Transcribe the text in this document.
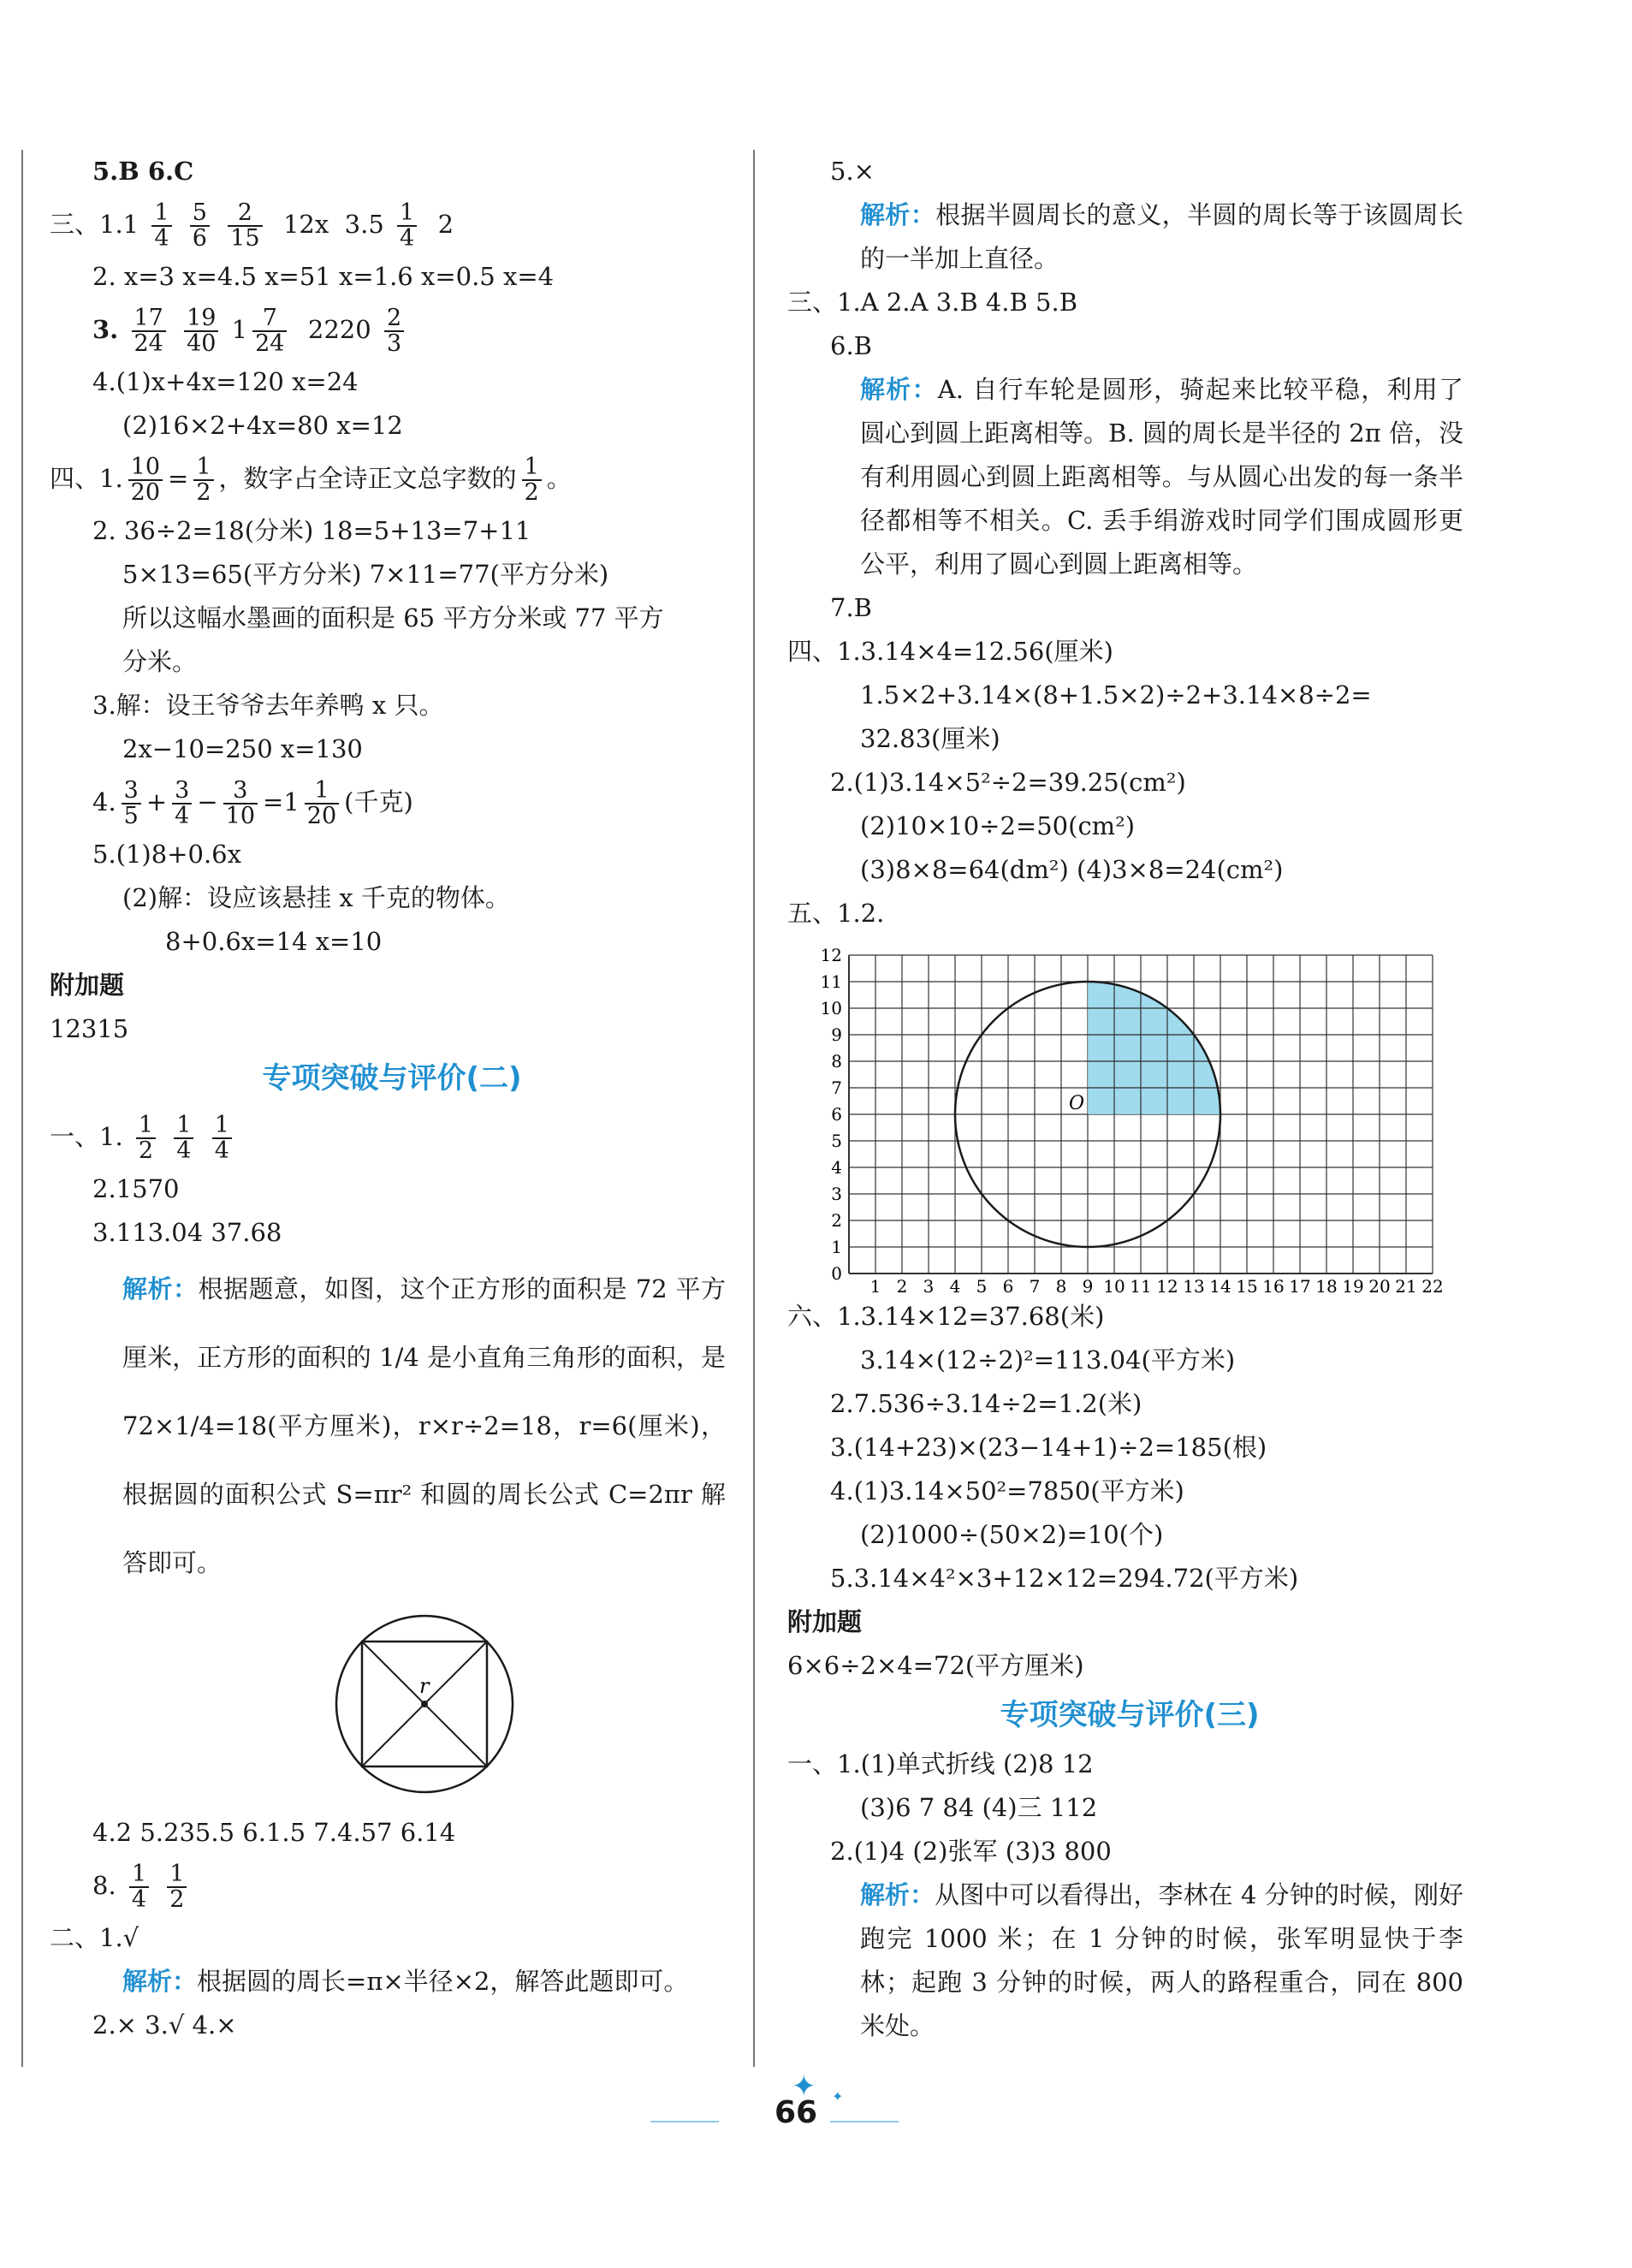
5.B 6.C
三、$1.1 \frac{1}{4}$
$\frac{5}{6}$
$\frac{2}{15} 12x$ $3.5 \frac{1}{4} 2$
2. x=3 x=4.5 x=51 x=1.6 x=0.5 x=4
3. $\frac{17}{24}$
$\frac{19}{40} 1 \frac{7}{24} 2220 \frac{2}{3}$
4.(1)x+4x=120 x=24
(2)16×2+4x=80 x=12
四、1. $\frac{10}{20} = \frac{1}{2}$ ，数字占全诗正文总字数的 $\frac{1}{2}$ 。
2. 36÷2=18(分米) 18=5+13=7+11
5×13=65(平方分米) 7×11=77(平方分米)
所以这幅水墨画的面积是 65 平方分米或 77 平方
分米。
3.解：设王爷爷去年养鸭 x 只。
2x−10=250 x=130
4. $\frac{3}{5} + \frac{3}{4} - \frac{3}{10} =1 \frac{1}{20}$ (千克)
5.(1)8+0.6x
(2)解：设应该悬挂 x 千克的物体。
8+0.6x=14 x=10
附加题
12315
专项突破与评价(二)
一、1. $\frac{1}{2}$
$\frac{1}{4}$
$\frac{1}{4}$
2.1570
3.113.04 37.68
解析：根据题意，如图，这个正方形的面积是 72 平方厘米，正方形的面积的 1/4 是小直角三角形的面积，是 72×1/4=18(平方厘米)，r×r÷2=18，r=6(厘米)，根据圆的面积公式 S=πr² 和圆的周长公式 C=2πr 解答即可。
r
4.2 5.235.5 6.1.5 7.4.57 6.14
8. $\frac{1}{4}$
$\frac{1}{2}$
二、1.√
解析：根据圆的周长=π×半径×2，解答此题即可。
2.× 3.√ 4.×
5.×
解析：根据半圆周长的意义，半圆的周长等于该圆周长的一半加上直径。
三、1.A 2.A 3.B 4.B 5.B
6.B
解析：A. 自行车轮是圆形，骑起来比较平稳，利用了圆心到圆上距离相等。B. 圆的周长是半径的 2π 倍，没有利用圆心到圆上距离相等。与从圆心出发的每一条半径都相等不相关。C. 丢手绢游戏时同学们围成圆形更公平，利用了圆心到圆上距离相等。
7.B
四、1.3.14×4=12.56(厘米)
1.5×2+3.14×(8+1.5×2)÷2+3.14×8÷2=
32.83(厘米)
2.(1)3.14×5²÷2=39.25(cm²)
(2)10×10÷2=50(cm²)
(3)8×8=64(dm²) (4)3×8=24(cm²)
五、1.2.
O
0
1
2
3
4
5
6
7
8
9
10
11
12
1 2 3 4 5 6 7 8 9 10 11 12 13 14 15 16 17 18 19 20 21 22
六、1.3.14×12=37.68(米)
3.14×(12÷2)²=113.04(平方米)
2.7.536÷3.14÷2=1.2(米)
3.(14+23)×(23−14+1)÷2=185(根)
4.(1)3.14×50²=7850(平方米)
(2)1000÷(50×2)=10(个)
5.3.14×4²×3+12×12=294.72(平方米)
附加题
6×6÷2×4=72(平方厘米)
专项突破与评价(三)
一、1.(1)单式折线 (2)8 12
(3)6 7 84 (4)三 112
2.(1)4 (2)张军 (3)3 800
解析：从图中可以看得出，李林在 4 分钟的时候，刚好跑完 1000 米；在 1 分钟的时候，张军明显快于李林；起跑 3 分钟的时候，两人的路程重合，同在 800 米处。
✦ ✦
66
